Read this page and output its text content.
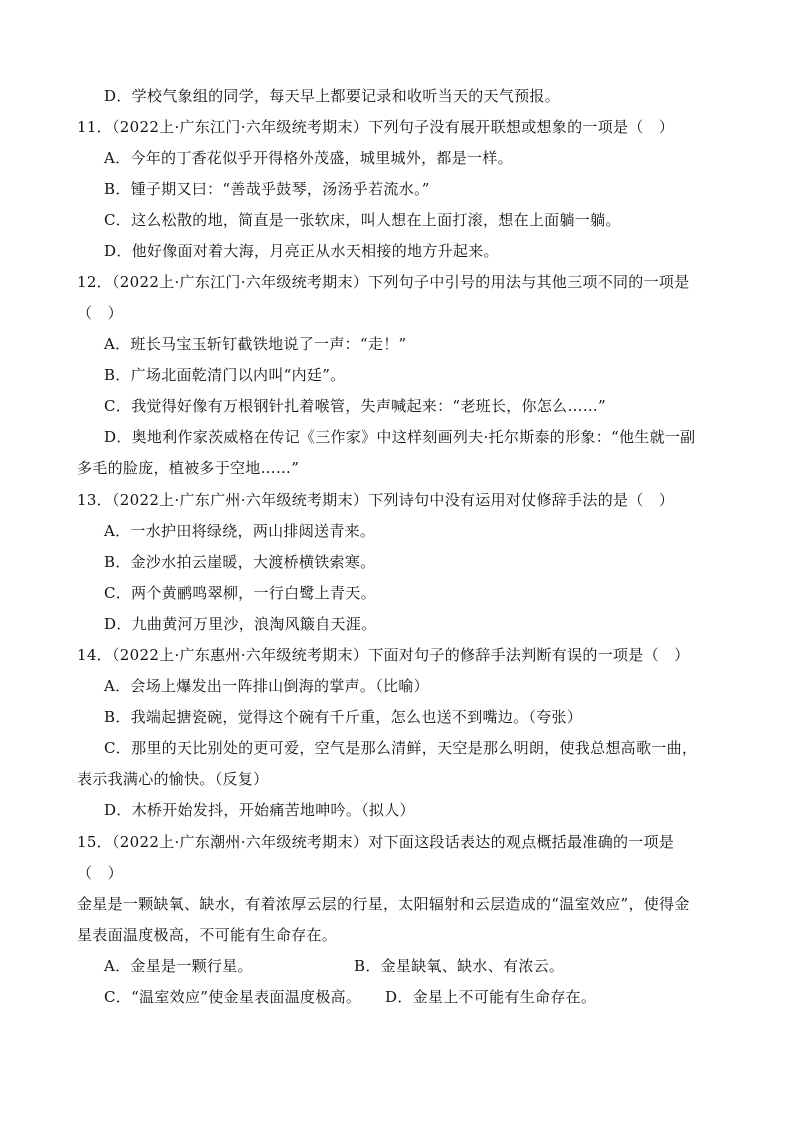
D．学校气象组的同学，每天早上都要记录和收听当天的天气预报。
11．（2022上·广东江门·六年级统考期末）下列句子没有展开联想或想象的一项是（　）
A．今年的丁香花似乎开得格外茂盛，城里城外，都是一样。
B．锺子期又曰：“善哉乎鼓琴，汤汤乎若流水。”
C．这么松散的地，简直是一张软床，叫人想在上面打滚，想在上面躺一躺。
D．他好像面对着大海，月亮正从水天相接的地方升起来。
12．（2022上·广东江门·六年级统考期末）下列句子中引号的用法与其他三项不同的一项是
（　）
A．班长马宝玉斩钉截铁地说了一声：“走！”
B．广场北面乾清门以内叫“内廷”。
C．我觉得好像有万根钢针扎着喉管，失声喊起来：“老班长，你怎么……”
D．奥地利作家茨威格在传记《三作家》中这样刻画列夫·托尔斯泰的形象：“他生就一副
多毛的脸庞，植被多于空地……”
13．（2022上·广东广州·六年级统考期末）下列诗句中没有运用对仗修辞手法的是（　）
A．一水护田将绿绕，两山排闼送青来。
B．金沙水拍云崖暖，大渡桥横铁索寒。
C．两个黄鹂鸣翠柳，一行白鹭上青天。
D．九曲黄河万里沙，浪淘风簸自天涯。
14．（2022上·广东惠州·六年级统考期末）下面对句子的修辞手法判断有误的一项是（　）
A．会场上爆发出一阵排山倒海的掌声。（比喻）
B．我端起搪瓷碗，觉得这个碗有千斤重，怎么也送不到嘴边。（夸张）
C．那里的天比别处的更可爱，空气是那么清鲜，天空是那么明朗，使我总想高歌一曲，
表示我满心的愉快。（反复）
D．木桥开始发抖，开始痛苦地呻吟。（拟人）
15．（2022上·广东潮州·六年级统考期末）对下面这段话表达的观点概括最准确的一项是
（　）
金星是一颗缺氧、缺水，有着浓厚云层的行星，太阳辐射和云层造成的“温室效应”，使得金
星表面温度极高，不可能有生命存在。
A．金星是一颗行星。	B．金星缺氧、缺水、有浓云。
C．“温室效应”使金星表面温度极高。 D．金星上不可能有生命存在。
